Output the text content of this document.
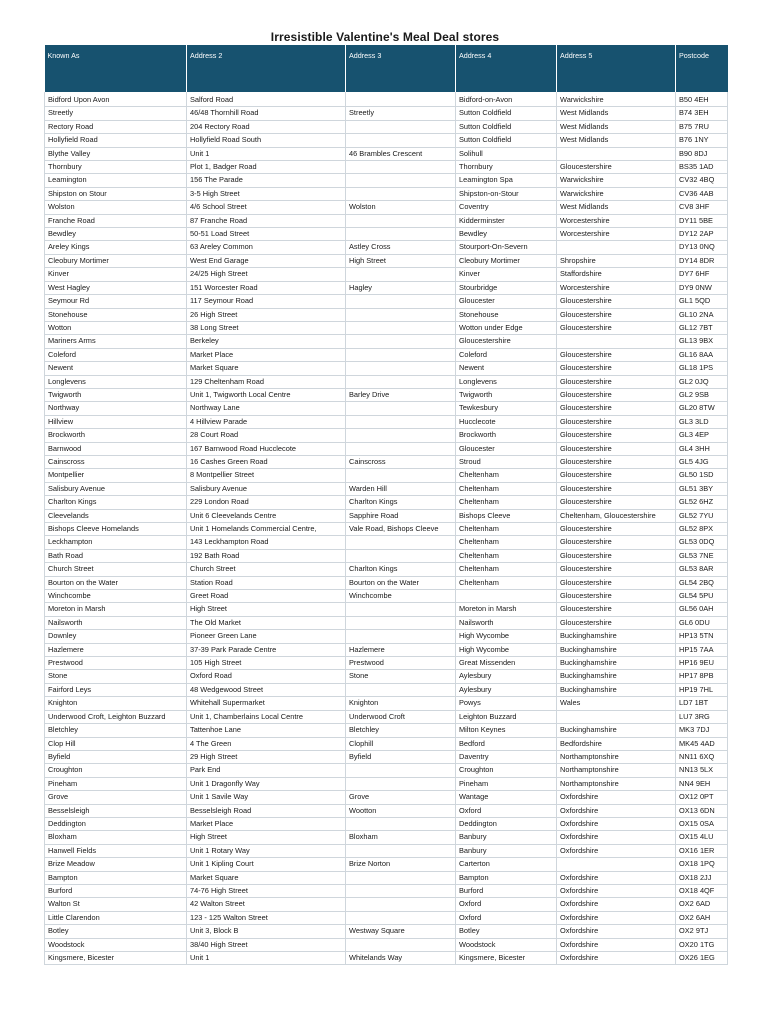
Irresistible Valentine's Meal Deal stores
Known As	Address 2	Address 3	Address 4	Address 5	Postcode
Bidford Upon Avon	Salford Road		Bidford-on-Avon	Warwickshire	B50 4EH
Streetly	46/48 Thornhill Road	Streetly	Sutton Coldfield	West Midlands	B74 3EH
Rectory Road	204 Rectory Road		Sutton Coldfield	West Midlands	B75 7RU
Hollyfield Road	Hollyfield Road South		Sutton Coldfield	West Midlands	B76 1NY
Blythe Valley	Unit 1	46 Brambles Crescent	Solihull		B90 8DJ
Thornbury	Plot 1, Badger Road		Thornbury	Gloucestershire	BS35 1AD
Leamington	156 The Parade		Leamington Spa	Warwickshire	CV32 4BQ
Shipston on Stour	3-5 High Street		Shipston-on-Stour	Warwickshire	CV36 4AB
Wolston	4/6 School Street	Wolston	Coventry	West Midlands	CV8 3HF
Franche Road	87 Franche Road		Kidderminster	Worcestershire	DY11 5BE
Bewdley	50-51 Load Street		Bewdley	Worcestershire	DY12 2AP
Areley Kings	63 Areley Common	Astley Cross	Stourport-On-Severn		DY13 0NQ
Cleobury Mortimer	West End Garage	High Street	Cleobury Mortimer	Shropshire	DY14 8DR
Kinver	24/25 High Street		Kinver	Staffordshire	DY7 6HF
West Hagley	151 Worcester Road	Hagley	Stourbridge	Worcestershire	DY9 0NW
Seymour Rd	117 Seymour Road		Gloucester	Gloucestershire	GL1 5QD
Stonehouse	26 High Street		Stonehouse	Gloucestershire	GL10 2NA
Wotton	38 Long Street		Wotton under Edge	Gloucestershire	GL12 7BT
Mariners Arms	Berkeley		Gloucestershire		GL13 9BX
Coleford	Market Place		Coleford	Gloucestershire	GL16 8AA
Newent	Market Square		Newent	Gloucestershire	GL18 1PS
Longlevens	129 Cheltenham Road		Longlevens	Gloucestershire	GL2 0JQ
Twigworth	Unit 1, Twigworth Local Centre	Barley Drive	Twigworth	Gloucestershire	GL2 9SB
Northway	Northway Lane		Tewkesbury	Gloucestershire	GL20 8TW
Hillview	4 Hillview Parade		Hucclecote	Gloucestershire	GL3 3LD
Brockworth	28 Court Road		Brockworth	Gloucestershire	GL3 4EP
Barnwood	167 Barnwood Road Hucclecote		Gloucester	Gloucestershire	GL4 3HH
Cainscross	16 Cashes Green Road	Cainscross	Stroud	Gloucestershire	GL5 4JG
Montpellier	8 Montpellier Street		Cheltenham	Gloucestershire	GL50 1SD
Salisbury Avenue	Salisbury Avenue	Warden Hill	Cheltenham	Gloucestershire	GL51 3BY
Charlton Kings	229 London Road	Charlton Kings	Cheltenham	Gloucestershire	GL52 6HZ
Cleevelands	Unit 6 Cleevelands Centre	Sapphire Road	Bishops Cleeve	Cheltenham, Gloucestershire	GL52 7YU
Bishops Cleeve Homelands	Unit 1 Homelands Commercial Centre,	Vale Road, Bishops Cleeve	Cheltenham	Gloucestershire	GL52 8PX
Leckhampton	143 Leckhampton Road		Cheltenham	Gloucestershire	GL53 0DQ
Bath Road	192 Bath Road		Cheltenham	Gloucestershire	GL53 7NE
Church Street	Church Street	Charlton Kings	Cheltenham	Gloucestershire	GL53 8AR
Bourton on the Water	Station Road	Bourton on the Water	Cheltenham	Gloucestershire	GL54 2BQ
Winchcombe	Greet Road	Winchcombe		Gloucestershire	GL54 5PU
Moreton in Marsh	High Street		Moreton in Marsh	Gloucestershire	GL56 0AH
Nailsworth	The Old Market		Nailsworth	Gloucestershire	GL6 0DU
Downley	Pioneer Green Lane		High Wycombe	Buckinghamshire	HP13 5TN
Hazlemere	37-39 Park Parade Centre	Hazlemere	High Wycombe	Buckinghamshire	HP15 7AA
Prestwood	105 High Street	Prestwood	Great Missenden	Buckinghamshire	HP16 9EU
Stone	Oxford Road	Stone	Aylesbury	Buckinghamshire	HP17 8PB
Fairford Leys	48 Wedgewood Street		Aylesbury	Buckinghamshire	HP19 7HL
Knighton	Whitehall Supermarket	Knighton	Powys	Wales	LD7 1BT
Underwood Croft, Leighton Buzzard	Unit 1, Chamberlains Local Centre	Underwood Croft	Leighton Buzzard		LU7 3RG
Bletchley	Tattenhoe Lane	Bletchley	Milton Keynes	Buckinghamshire	MK3 7DJ
Clop Hill	4 The Green	Clophill	Bedford	Bedfordshire	MK45 4AD
Byfield	29 High Street	Byfield	Daventry	Northamptonshire	NN11 6XQ
Croughton	Park End		Croughton	Northamptonshire	NN13 5LX
Pineham	Unit 1 Dragonfly Way		Pineham	Northamptonshire	NN4 9EH
Grove	Unit 1 Savile Way	Grove	Wantage	Oxfordshire	OX12 0PT
Besselsleigh	Besselsleigh Road	Wootton	Oxford	Oxfordshire	OX13 6DN
Deddington	Market Place		Deddington	Oxfordshire	OX15 0SA
Bloxham	High Street	Bloxham	Banbury	Oxfordshire	OX15 4LU
Hanwell Fields	Unit 1 Rotary Way		Banbury	Oxfordshire	OX16 1ER
Brize Meadow	Unit 1 Kipling Court	Brize Norton	Carterton		OX18 1PQ
Bampton	Market Square		Bampton	Oxfordshire	OX18 2JJ
Burford	74-76 High Street		Burford	Oxfordshire	OX18 4QF
Walton St	42 Walton Street		Oxford	Oxfordshire	OX2 6AD
Little Clarendon	123 - 125 Walton Street		Oxford	Oxfordshire	OX2 6AH
Botley	Unit 3, Block B	Westway Square	Botley	Oxfordshire	OX2 9TJ
Woodstock	38/40 High Street		Woodstock	Oxfordshire	OX20 1TG
Kingsmere, Bicester	Unit 1	Whitelands Way	Kingsmere, Bicester	Oxfordshire	OX26 1EG
